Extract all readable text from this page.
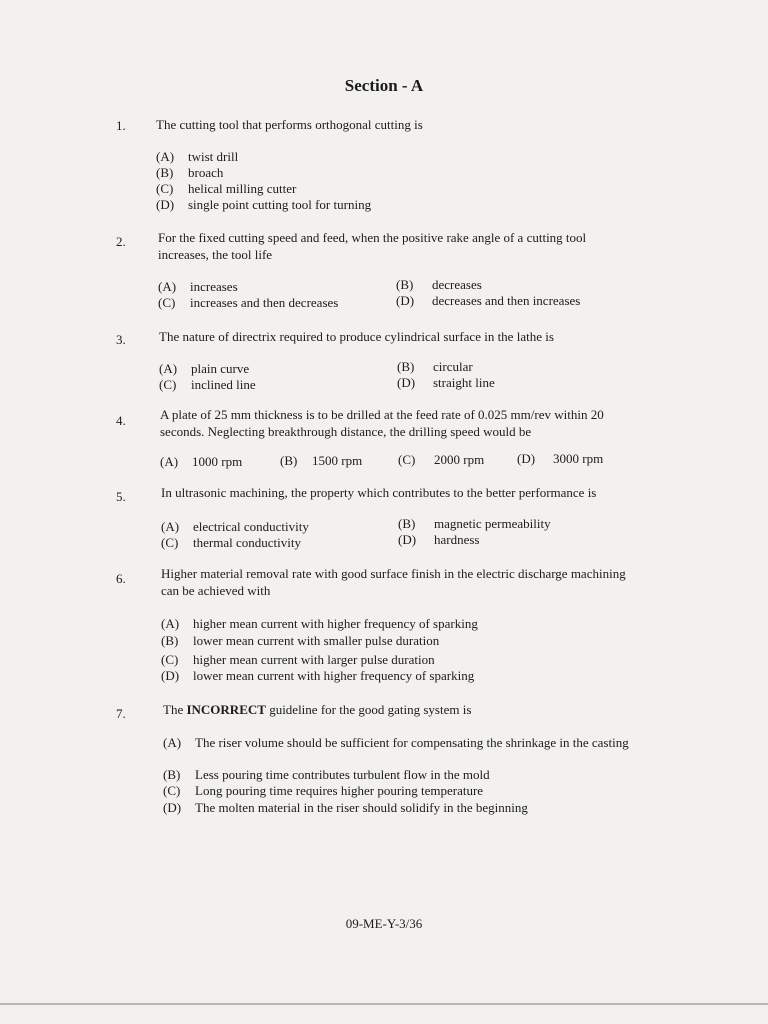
Section - A
1. The cutting tool that performs orthogonal cutting is
(A) twist drill
(B) broach
(C) helical milling cutter
(D) single point cutting tool for turning
2. For the fixed cutting speed and feed, when the positive rake angle of a cutting tool increases, the tool life
(A) increases	(B) decreases
(C) increases and then decreases	(D) decreases and then increases
3.	The nature of directrix required to produce cylindrical surface in the lathe is
(A) plain curve	(B) circular
(C) inclined line	(D) straight line
4.	A plate of 25 mm thickness is to be drilled at the feed rate of 0.025 mm/rev within 20 seconds. Neglecting breakthrough distance, the drilling speed would be
(A) 1000 rpm	(B) 1500 rpm	(C) 2000 rpm	(D) 3000 rpm
5.	In ultrasonic machining, the property which contributes to the better performance is
(A) electrical conductivity	(B) magnetic permeability
(C) thermal conductivity	(D) hardness
6.	Higher material removal rate with good surface finish in the electric discharge machining can be achieved with
(A) higher mean current with higher frequency of sparking
(B) lower mean current with smaller pulse duration
(C) higher mean current with larger pulse duration
(D) lower mean current with higher frequency of sparking
7.	The INCORRECT guideline for the good gating system is
(A)	The riser volume should be sufficient for compensating the shrinkage in the casting
(B) Less pouring time contributes turbulent flow in the mold
(C) Long pouring time requires higher pouring temperature
(D) The molten material in the riser should solidify in the beginning
09-ME-Y-3/36
